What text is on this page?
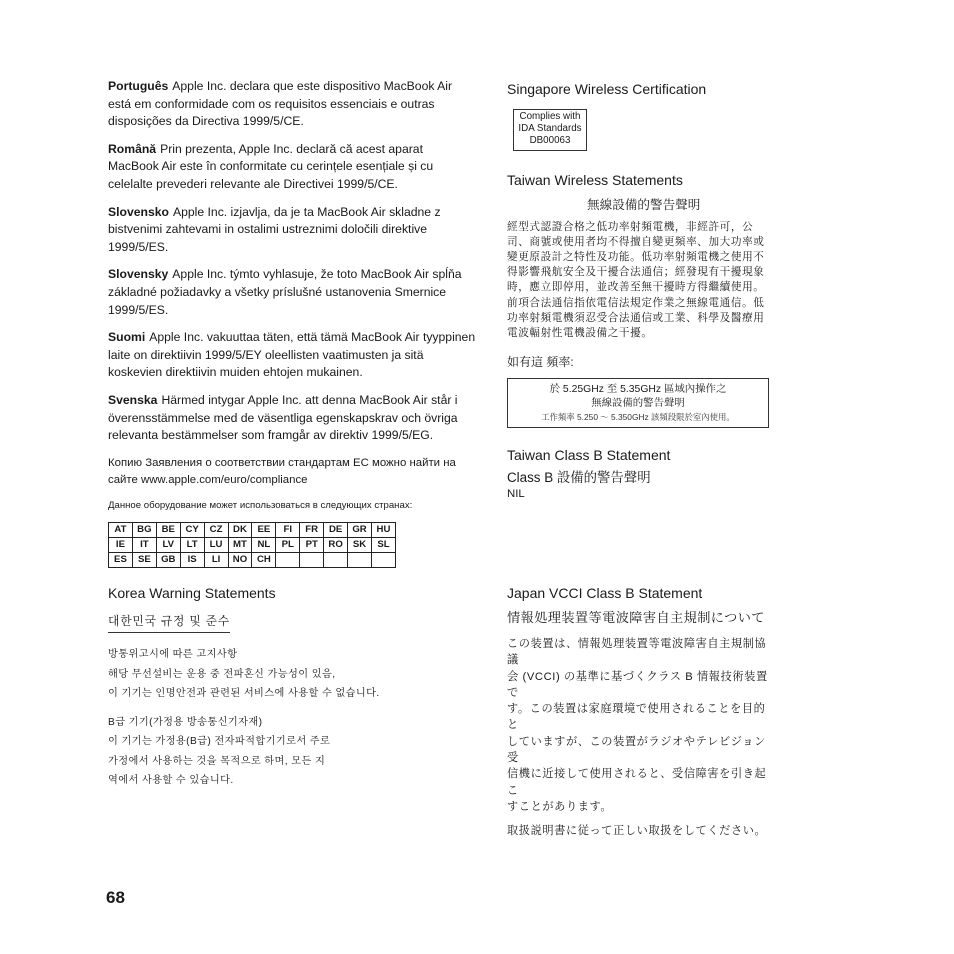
Português Apple Inc. declara que este dispositivo MacBook Air está em conformidade com os requisitos essenciais e outras disposições da Directiva 1999/5/CE.

Română Prin prezenta, Apple Inc. declară că acest aparat MacBook Air este în conformitate cu cerințele esențiale și cu celelalte prevederi relevante ale Directivei 1999/5/CE.

Slovensko Apple Inc. izjavlja, da je ta MacBook Air skladne z bistvenimi zahtevami in ostalimi ustreznimi določili direktive 1999/5/ES.

Slovensky Apple Inc. týmto vyhlasuje, že toto MacBook Air spĺňa základné požiadavky a všetky príslušné ustanovenia Smernice 1999/5/ES.

Suomi Apple Inc. vakuuttaa täten, että tämä MacBook Air tyyppinen laite on direktiivin 1999/5/EY oleellisten vaatimusten ja sitä koskevien direktiivin muiden ehtojen mukainen.

Svenska Härmed intygar Apple Inc. att denna MacBook Air står i överensstämmelse med de väsentliga egenskapskrav och övriga relevanta bestämmelser som framgår av direktiv 1999/5/EG.

Копию Заявления о соответствии стандартам ЕС можно найти на сайте www.apple.com/euro/compliance

Данное оборудование может использоваться в следующих странах:

AT	BG	BE	CY	CZ	DK	EE	FI	FR	DE	GR	HU
IE	IT	LV	LT	LU	MT	NL	PL	PT	RO	SK	SL
ES	SE	GB	IS	LI	NO	CH					
Singapore Wireless Certification
Complies with
IDA Standards
DB00063
Taiwan Wireless Statements
無線設備的警告聲明
經型式認證合格之低功率射頻電機，非經許可，公司、商號或使用者均不得擅自變更頻率、加大功率或變更原設計之特性及功能。低功率射頻電機之使用不得影響飛航安全及干擾合法通信；經發現有干擾現象時，應立即停用，並改善至無干擾時方得繼續使用。前項合法通信指依電信法規定作業之無線電通信。低功率射頻電機須忍受合法通信或工業、科學及醫療用電波輻射性電機設備之干擾。
如有這 頻率:
於 5.25GHz 至 5.35GHz 區域內操作之
無線設備的警告聲明
工作頻率 5.250 ～ 5.350GHz 該頻段限於室內使用。
Taiwan Class B Statement
Class B 設備的警告聲明

NIL

Korea Warning Statements
대한민국 규정 및 준수

방통위고시에 따른 고지사항
해당 무선설비는 운용 중 전파혼신 가능성이 있음,
이 기기는 인명안전과 관련된 서비스에 사용할 수 없습니다.

B급 기기(가정용 방송통신기자재)
이 기기는 가정용(B급) 전자파적합기기로서 주로
가정에서 사용하는 것을 목적으로 하며, 모든 지
역에서 사용할 수 있습니다.

Japan VCCI Class B Statement
情報処理装置等電波障害自主規制について

この装置は、情報処理装置等電波障害自主規制協議
会 (VCCI) の基準に基づくクラス B 情報技術装置で
す。この装置は家庭環境で使用されることを目的と
していますが、この装置がラジオやテレビジョン受
信機に近接して使用されると、受信障害を引き起こ
すことがあります。

取扱説明書に従って正しい取扱をしてください。

68
